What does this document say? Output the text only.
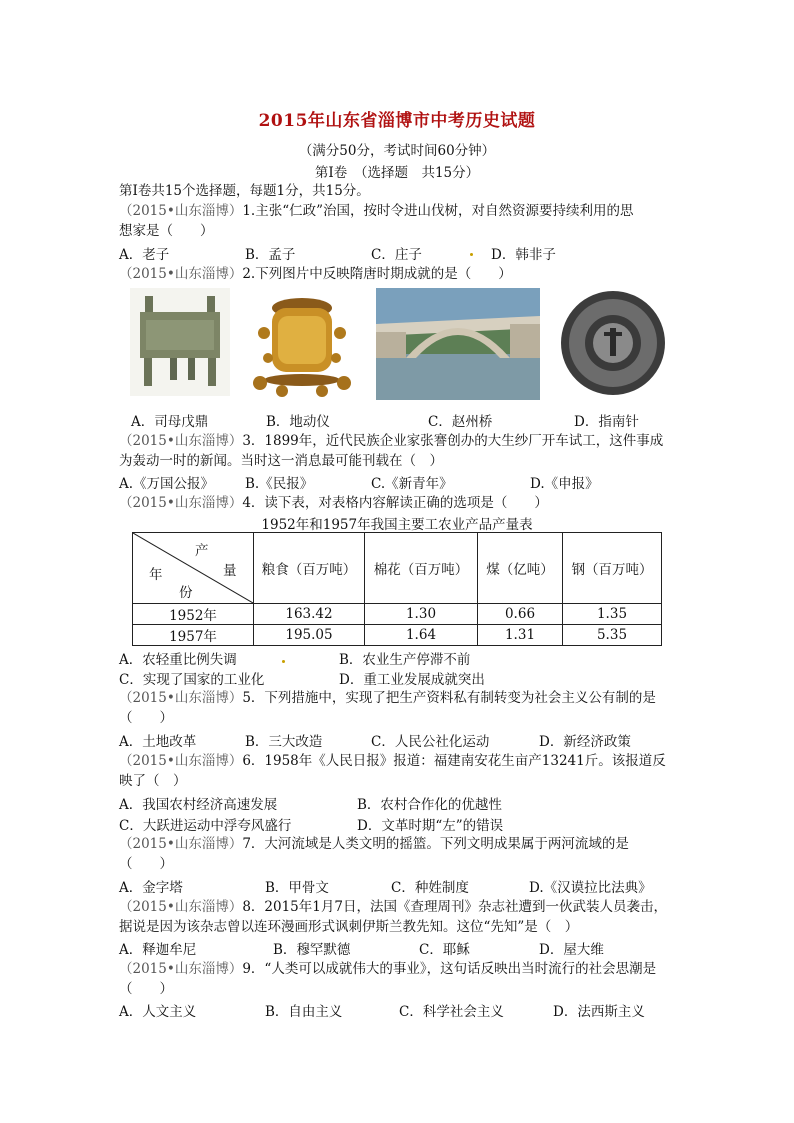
2015年山东省淄博市中考历史试题
（满分50分，考试时间60分钟）
第Ⅰ卷　（选择题　共15分）
第Ⅰ卷共15个选择题，每题1分，共15分。
（2015•山东淄博）1.主张“仁政”治国，按时令进山伐树，对自然资源要持续利用的思
想家是（　　）
A．老子	B．孟子	C．庄子	D．韩非子
（2015•山东淄博）2.下列图片中反映隋唐时期成就的是（　　）
A．司母戊鼎	B．地动仪	C．赵州桥	D．指南针
（2015•山东淄博）3．1899年，近代民族企业家张謇创办的大生纱厂开车试工，这件事成
为轰动一时的新闻。当时这一消息最可能刊载在（　）
A.《万国公报》 B.《民报》	C.《新青年》	D.《申报》
（2015•山东淄博）4．读下表，对表格内容解读正确的选项是（　　）
1952年和1957年我国主要工农业产品产量表
产
量
年
份	粮食（百万吨）	棉花（百万吨）	煤（亿吨）	钢（百万吨）
1952年	163.42	1.30	0.66	1.35
1957年	195.05	1.64	1.31	5.35
A．农轻重比例失调	B．农业生产停滞不前
C．实现了国家的工业化	D．重工业发展成就突出
（2015•山东淄博）5．下列措施中，实现了把生产资料私有制转变为社会主义公有制的是
（　　）
A．土地改革	B．三大改造	C．人民公社化运动	D．新经济政策
（2015•山东淄博）6．1958年《人民日报》报道：福建南安花生亩产13241斤。该报道反
映了（　）
A．我国农村经济高速发展	B．农村合作化的优越性
C．大跃进运动中浮夸风盛行	D．文革时期“左”的错误
（2015•山东淄博）7．大河流域是人类文明的摇篮。下列文明成果属于两河流域的是
（　　）
A．金字塔	B．甲骨文	C．种姓制度	D.《汉谟拉比法典》
（2015•山东淄博）8．2015年1月7日，法国《查理周刊》杂志社遭到一伙武装人员袭击，
据说是因为该杂志曾以连环漫画形式讽刺伊斯兰教先知。这位“先知”是（　）
A．释迦牟尼	B．穆罕默德	C．耶稣	D．屋大维
（2015•山东淄博）9．“人类可以成就伟大的事业》，这句话反映出当时流行的社会思潮是
（　　）
A．人文主义	B．自由主义	C．科学社会主义	D．法西斯主义
